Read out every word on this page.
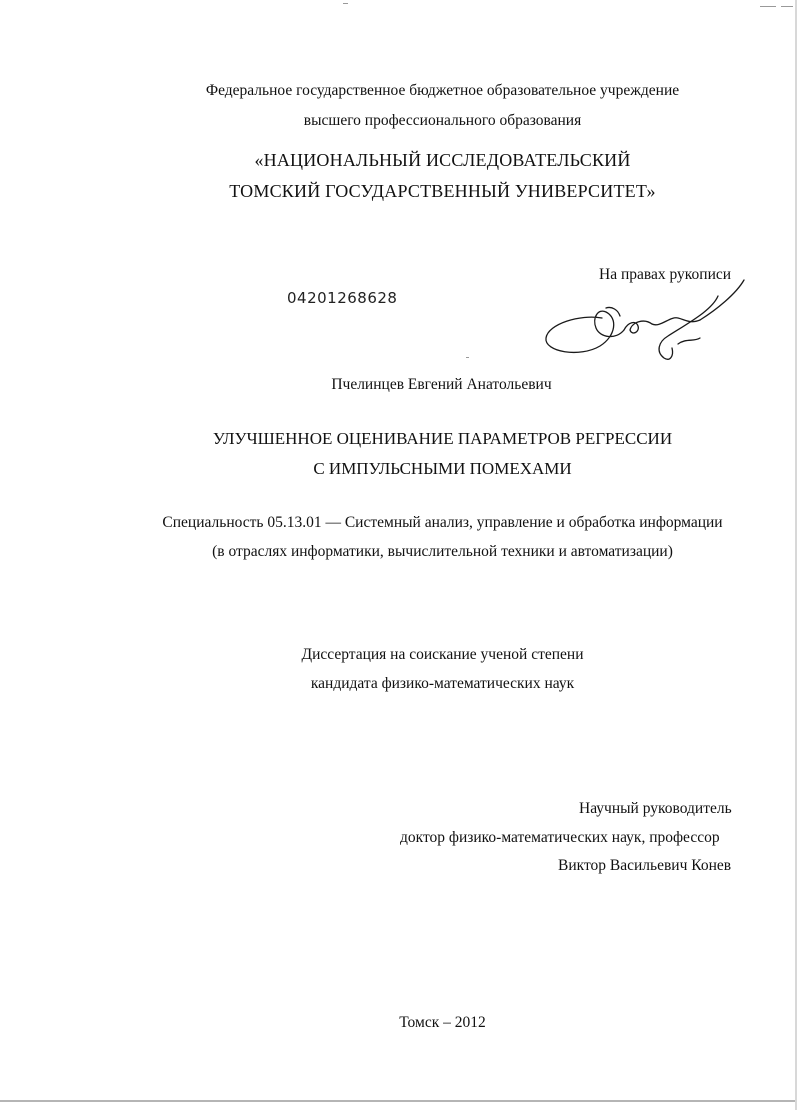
Федеральное государственное бюджетное образовательное учреждение
высшего профессионального образования
«НАЦИОНАЛЬНЫЙ ИССЛЕДОВАТЕЛЬСКИЙ
ТОМСКИЙ ГОСУДАРСТВЕННЫЙ УНИВЕРСИТЕТ»
На правах рукописи
04201268628
Пчелинцев Евгений Анатольевич
УЛУЧШЕННОЕ ОЦЕНИВАНИЕ ПАРАМЕТРОВ РЕГРЕССИИ
С ИМПУЛЬСНЫМИ ПОМЕХАМИ
Специальность 05.13.01 — Системный анализ, управление и обработка информации
(в отраслях информатики, вычислительной техники и автоматизации)
Диссертация на соискание ученой степени
кандидата физико-математических наук
Научный руководитель
доктор физико-математических наук, профессор
Виктор Васильевич Конев
Томск – 2012
